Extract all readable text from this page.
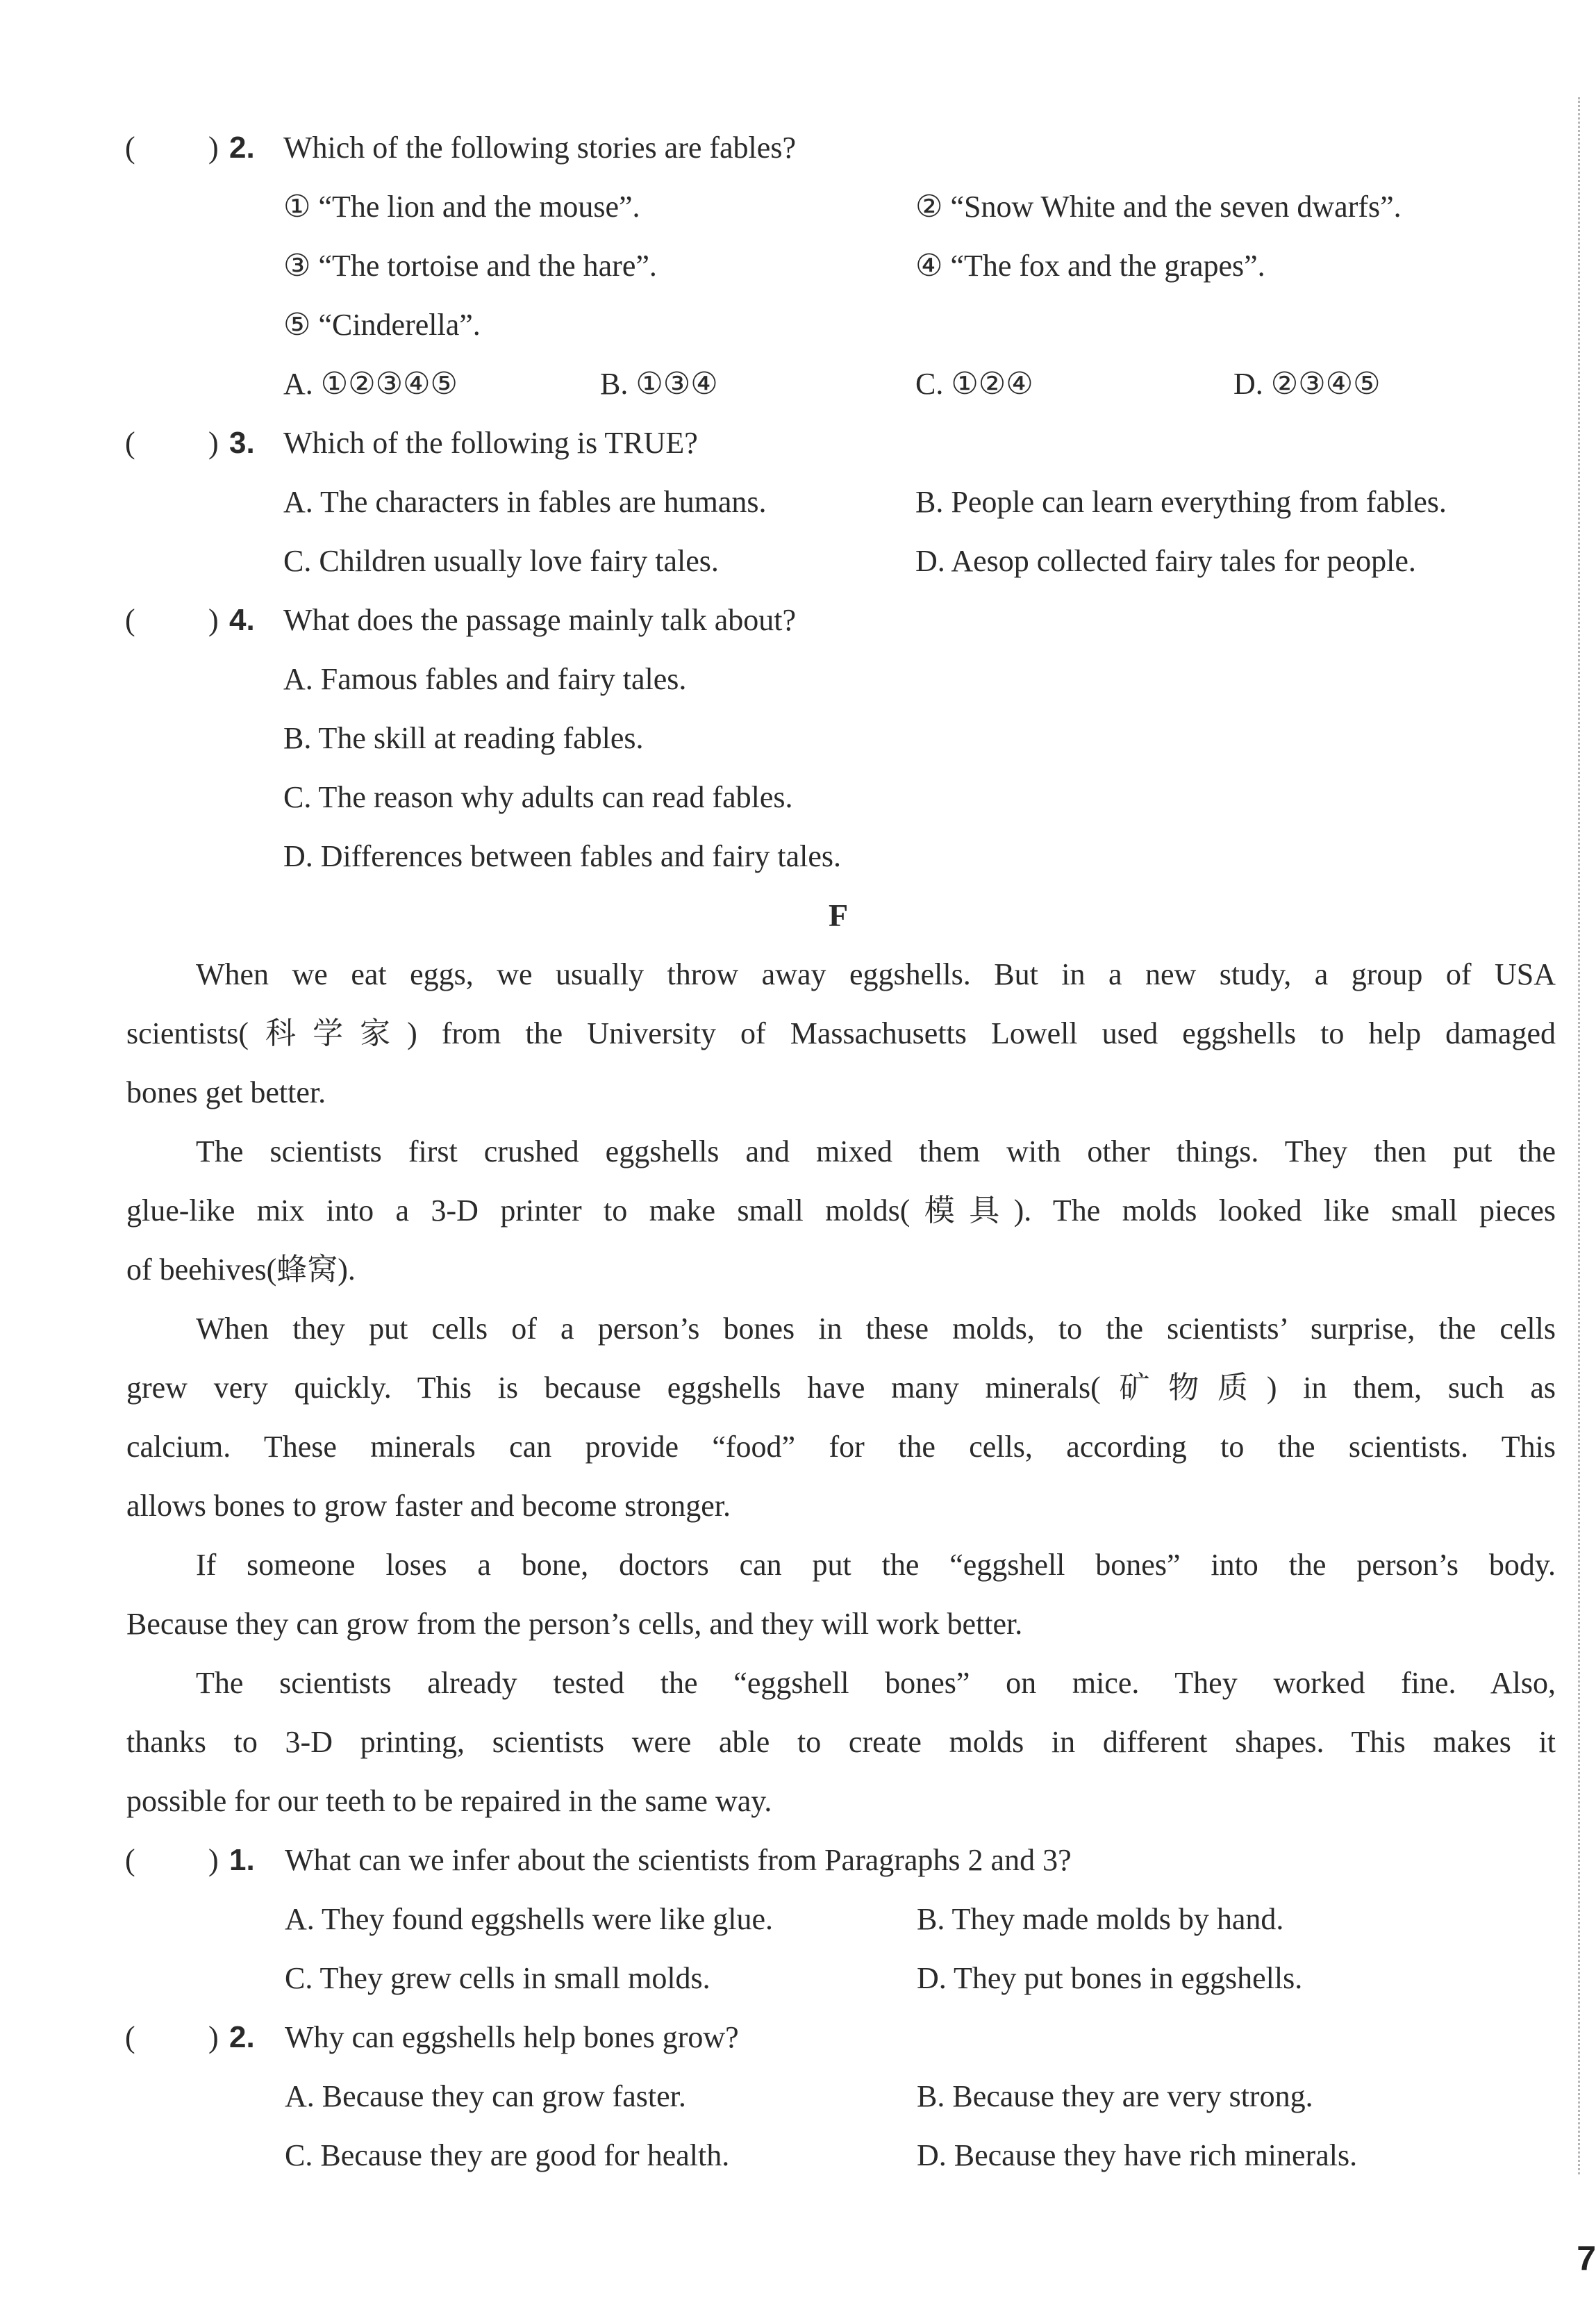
( ) 2. Which of the following stories are fables?
① “The lion and the mouse”.	② “Snow White and the seven dwarfs”.
③ “The tortoise and the hare”.	④ “The fox and the grapes”.
⑤ “Cinderella”.
A. ①②③④⑤	B. ①③④	C. ①②④	D. ②③④⑤
( ) 3. Which of the following is TRUE?
A. The characters in fables are humans.	B. People can learn everything from fables.
C. Children usually love fairy tales.	D. Aesop collected fairy tales for people.
( ) 4. What does the passage mainly talk about?
A. Famous fables and fairy tales.
B. The skill at reading fables.
C. The reason why adults can read fables.
D. Differences between fables and fairy tales.
F
When we eat eggs, we usually throw away eggshells. But in a new study, a group of USA
scientists(科学家) from the University of Massachusetts Lowell used eggshells to help damaged
bones get better.
The scientists first crushed eggshells and mixed them with other things. They then put the
glue-like mix into a 3-D printer to make small molds(模具). The molds looked like small pieces
of beehives(蜂窝).
When they put cells of a person’s bones in these molds, to the scientists’ surprise, the cells
grew very quickly. This is because eggshells have many minerals(矿物质) in them, such as
calcium. These minerals can provide “food” for the cells, according to the scientists. This
allows bones to grow faster and become stronger.
If someone loses a bone, doctors can put the “eggshell bones” into the person’s body.
Because they can grow from the person’s cells, and they will work better.
The scientists already tested the “eggshell bones” on mice. They worked fine. Also,
thanks to 3-D printing, scientists were able to create molds in different shapes. This makes it
possible for our teeth to be repaired in the same way.
( ) 1. What can we infer about the scientists from Paragraphs 2 and 3?
A. They found eggshells were like glue.	B. They made molds by hand.
C. They grew cells in small molds.	D. They put bones in eggshells.
( ) 2. Why can eggshells help bones grow?
A. Because they can grow faster.	B. Because they are very strong.
C. Because they are good for health.	D. Because they have rich minerals.
7
